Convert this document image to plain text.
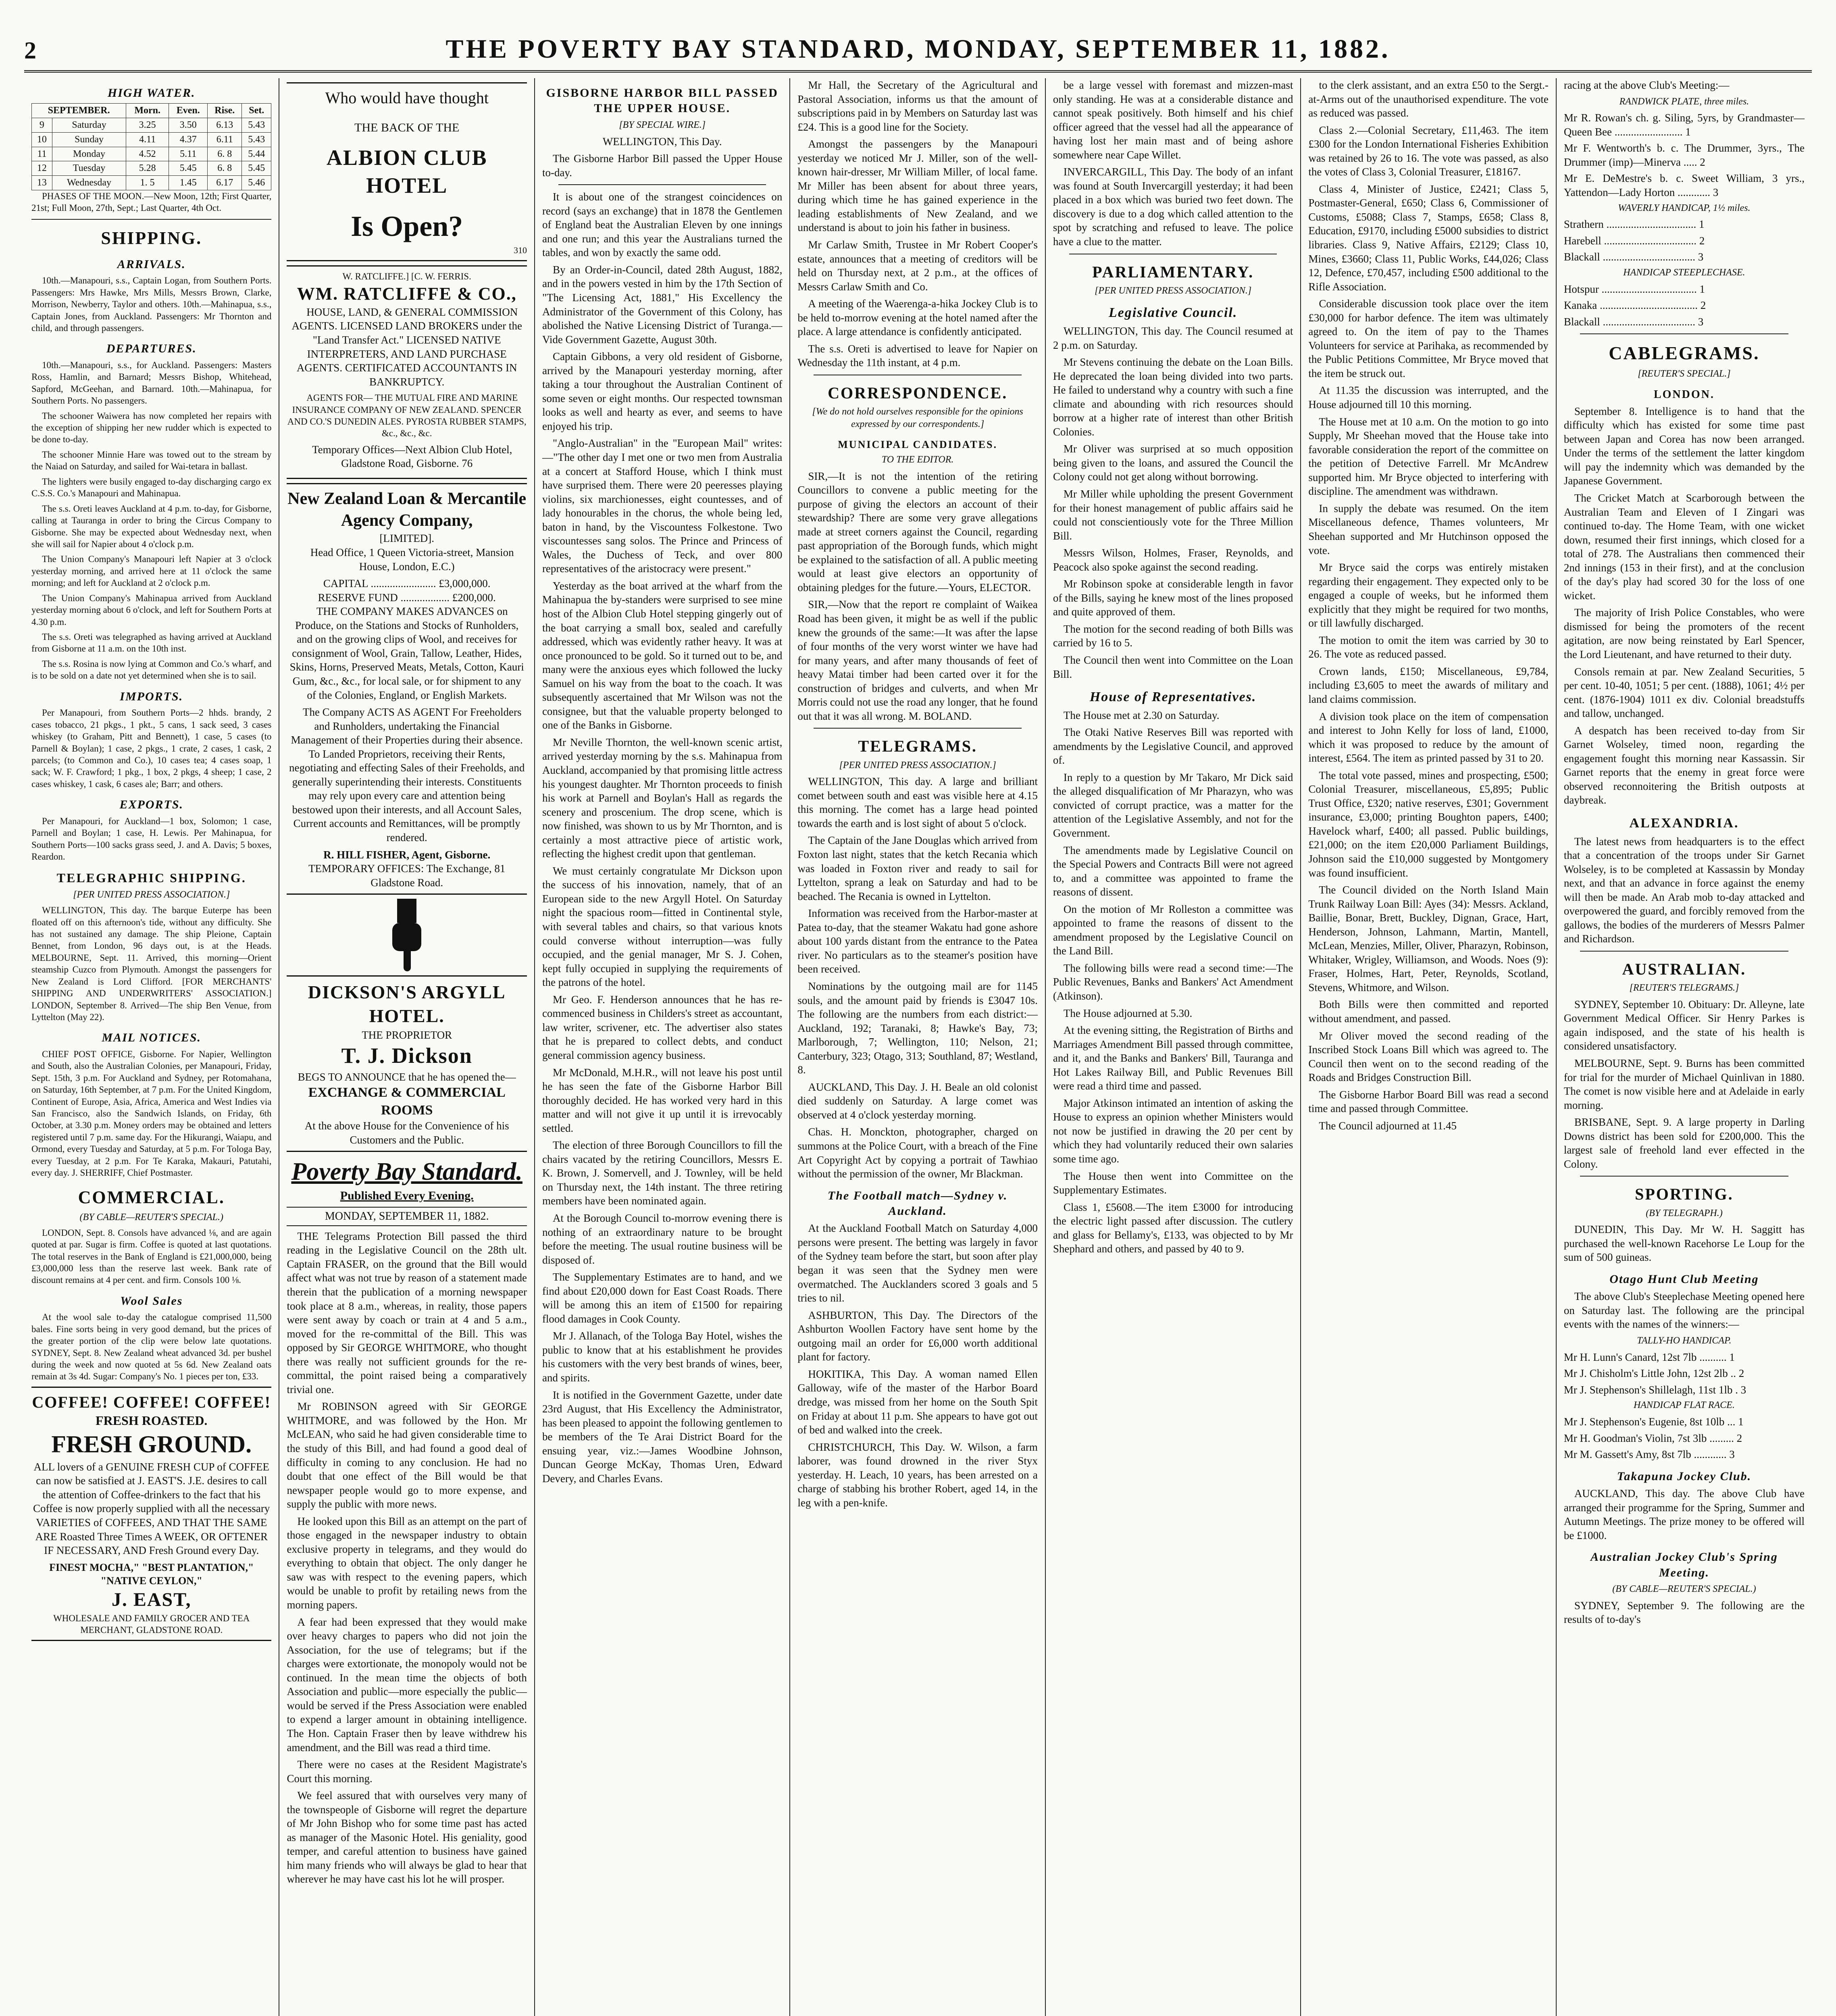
2	THE POVERTY BAY STANDARD, MONDAY, SEPTEMBER 11, 1882.
HIGH WATER.
SEPTEMBER.		Morn.	Even.	Rise.	Set.
9	Saturday	3.25	3.50	6.13	5.43
10	Sunday	4.11	4.37	6.11	5.43
11	Monday	4.52	5.11	6. 8	5.44
12	Tuesday	5.28	5.45	6. 8	5.45
13	Wednesday	1. 5	1.45	6.17	5.46

PHASES OF THE MOON.—New Moon, 12th; First Quarter, 21st; Full Moon, 27th, Sept.; Last Quarter, 4th Oct.

SHIPPING.
ARRIVALS.

10th.—Manapouri, s.s., Captain Logan, from Southern Ports. Passengers: Mrs Hawke, Mrs Mills, Messrs Brown, Clarke, Morrison, Newberry, Taylor and others. 10th.—Mahinapua, s.s., Captain Jones, from Auckland. Passengers: Mr Thornton and child, and through passengers.

DEPARTURES.

10th.—Manapouri, s.s., for Auckland. Passengers: Masters Ross, Hamlin, and Barnard; Messrs Bishop, Whitehead, Sapford, McGeehan, and Barnard. 10th.—Mahinapua, for Southern Ports. No passengers.

The schooner Waiwera has now completed her repairs with the exception of shipping her new rudder which is expected to be done to-day.

The schooner Minnie Hare was towed out to the stream by the Naiad on Saturday, and sailed for Wai-tetara in ballast.

The lighters were busily engaged to-day discharging cargo ex C.S.S. Co.'s Manapouri and Mahinapua.

The s.s. Oreti leaves Auckland at 4 p.m. to-day, for Gisborne, calling at Tauranga in order to bring the Circus Company to Gisborne. She may be expected about Wednesday next, when she will sail for Napier about 4 o'clock p.m.

The Union Company's Manapouri left Napier at 3 o'clock yesterday morning, and arrived here at 11 o'clock the same morning; and left for Auckland at 2 o'clock p.m.

The Union Company's Mahinapua arrived from Auckland yesterday morning about 6 o'clock, and left for Southern Ports at 4.30 p.m.

The s.s. Oreti was telegraphed as having arrived at Auckland from Gisborne at 11 a.m. on the 10th inst.

The s.s. Rosina is now lying at Common and Co.'s wharf, and is to be sold on a date not yet determined when she is to sail.

IMPORTS.

Per Manapouri, from Southern Ports—2 hhds. brandy, 2 cases tobacco, 21 pkgs., 1 pkt., 5 cans, 1 sack seed, 3 cases whiskey (to Graham, Pitt and Bennett), 1 case, 5 cases (to Parnell & Boylan); 1 case, 2 pkgs., 1 crate, 2 cases, 1 cask, 2 parcels; (to Common and Co.), 10 cases tea; 4 cases soap, 1 sack; W. F. Crawford; 1 pkg., 1 box, 2 pkgs, 4 sheep; 1 case, 2 cases whiskey, 1 cask, 6 cases ale; Barr; and others.

EXPORTS.

Per Manapouri, for Auckland—1 box, Solomon; 1 case, Parnell and Boylan; 1 case, H. Lewis. Per Mahinapua, for Southern Ports—100 sacks grass seed, J. and A. Davis; 5 boxes, Reardon.

TELEGRAPHIC SHIPPING.
[PER UNITED PRESS ASSOCIATION.]

WELLINGTON, This day. The barque Euterpe has been floated off on this afternoon's tide, without any difficulty. She has not sustained any damage. The ship Pleione, Captain Bennet, from London, 96 days out, is at the Heads. MELBOURNE, Sept. 11. Arrived, this morning—Orient steamship Cuzco from Plymouth. Amongst the passengers for New Zealand is Lord Clifford. [FOR MERCHANTS' SHIPPING AND UNDERWRITERS' ASSOCIATION.] LONDON, September 8. Arrived—The ship Ben Venue, from Lyttelton (May 22).

MAIL NOTICES.

CHIEF POST OFFICE, Gisborne. For Napier, Wellington and South, also the Australian Colonies, per Manapouri, Friday, Sept. 15th, 3 p.m. For Auckland and Sydney, per Rotomahana, on Saturday, 16th September, at 7 p.m. For the United Kingdom, Continent of Europe, Asia, Africa, America and West Indies via San Francisco, also the Sandwich Islands, on Friday, 6th October, at 3.30 p.m. Money orders may be obtained and letters registered until 7 p.m. same day. For the Hikurangi, Waiapu, and Ormond, every Tuesday and Saturday, at 5 p.m. For Tologa Bay, every Tuesday, at 2 p.m. For Te Karaka, Makauri, Patutahi, every day. J. SHERRIFF, Chief Postmaster.

COMMERCIAL.
(BY CABLE—REUTER'S SPECIAL.)

LONDON, Sept. 8. Consols have advanced ⅛, and are again quoted at par. Sugar is firm. Coffee is quoted at last quotations. The total reserves in the Bank of England is £21,000,000, being £3,000,000 less than the reserve last week. Bank rate of discount remains at 4 per cent. and firm. Consols 100 ⅛.

Wool Sales

At the wool sale to-day the catalogue comprised 11,500 bales. Fine sorts being in very good demand, but the prices of the greater portion of the clip were below late quotations. SYDNEY, Sept. 8. New Zealand wheat advanced 3d. per bushel during the week and now quoted at 5s 6d. New Zealand oats remain at 3s 4d. Sugar: Company's No. 1 pieces per ton, £33.

COFFEE! COFFEE! COFFEE!
FRESH ROASTED.
FRESH GROUND.

ALL lovers of a GENUINE FRESH CUP of COFFEE can now be satisfied at J. EAST'S. J.E. desires to call the attention of Coffee-drinkers to the fact that his Coffee is now properly supplied with all the necessary VARIETIES of COFFEES, AND THAT THE SAME ARE Roasted Three Times A WEEK, OR OFTENER IF NECESSARY, AND Fresh Ground every Day.

FINEST MOCHA," "BEST PLANTATION," "NATIVE CEYLON,"
J. EAST,
WHOLESALE AND FAMILY GROCER AND TEA MERCHANT, GLADSTONE ROAD.
Who would have thought
THE BACK OF THE
ALBION CLUB HOTEL
Is Open?
310
W. RATCLIFFE.] [C. W. FERRIS.
WM. RATCLIFFE & CO.,

HOUSE, LAND, & GENERAL COMMISSION AGENTS. LICENSED LAND BROKERS under the "Land Transfer Act." LICENSED NATIVE INTERPRETERS, AND LAND PURCHASE AGENTS. CERTIFICATED ACCOUNTANTS IN BANKRUPTCY.

AGENTS FOR— THE MUTUAL FIRE AND MARINE INSURANCE COMPANY OF NEW ZEALAND. SPENCER AND CO.'S DUNEDIN ALES. PYROSTA RUBBER STAMPS, &c., &c., &c.

Temporary Offices—Next Albion Club Hotel, Gladstone Road, Gisborne. 76

New Zealand Loan & Mercantile Agency Company,
[LIMITED].

Head Office, 1 Queen Victoria-street, Mansion House, London, E.C.)

CAPITAL ........................ £3,000,000.
RESERVE FUND .................. £200,000.

THE COMPANY MAKES ADVANCES on Produce, on the Stations and Stocks of Runholders, and on the growing clips of Wool, and receives for consignment of Wool, Grain, Tallow, Leather, Hides, Skins, Horns, Preserved Meats, Metals, Cotton, Kauri Gum, &c., &c., for local sale, or for shipment to any of the Colonies, England, or English Markets.

The Company ACTS AS AGENT For Freeholders and Runholders, undertaking the Financial Management of their Properties during their absence. To Landed Proprietors, receiving their Rents, negotiating and effecting Sales of their Freeholds, and generally superintending their interests. Constituents may rely upon every care and attention being bestowed upon their interests, and all Account Sales, Current accounts and Remittances, will be promptly rendered.

R. HILL FISHER, Agent, Gisborne.
TEMPORARY OFFICES: The Exchange, 81 Gladstone Road.
DICKSON'S ARGYLL HOTEL.
THE PROPRIETOR
T. J. Dickson
BEGS TO ANNOUNCE that he has opened the—
EXCHANGE & COMMERCIAL ROOMS
At the above House for the Convenience of his Customers and the Public.
Poverty Bay Standard.
Published Every Evening.
MONDAY, SEPTEMBER 11, 1882.

THE Telegrams Protection Bill passed the third reading in the Legislative Council on the 28th ult. Captain FRASER, on the ground that the Bill would affect what was not true by reason of a statement made therein that the publication of a morning newspaper took place at 8 a.m., whereas, in reality, those papers were sent away by coach or train at 4 and 5 a.m., moved for the re-committal of the Bill. This was opposed by Sir GEORGE WHITMORE, who thought there was really not sufficient grounds for the re-committal, the point raised being a comparatively trivial one.

Mr ROBINSON agreed with Sir GEORGE WHITMORE, and was followed by the Hon. Mr McLEAN, who said he had given considerable time to the study of this Bill, and had found a good deal of difficulty in coming to any conclusion. He had no doubt that one effect of the Bill would be that newspaper people would go to more expense, and supply the public with more news.

He looked upon this Bill as an attempt on the part of those engaged in the newspaper industry to obtain exclusive property in telegrams, and they would do everything to obtain that object. The only danger he saw was with respect to the evening papers, which would be unable to profit by retailing news from the morning papers.

A fear had been expressed that they would make over heavy charges to papers who did not join the Association, for the use of telegrams; but if the charges were extortionate, the monopoly would not be continued. In the mean time the objects of both Association and public—more especially the public—would be served if the Press Association were enabled to expend a larger amount in obtaining intelligence. The Hon. Captain Fraser then by leave withdrew his amendment, and the Bill was read a third time.

There were no cases at the Resident Magistrate's Court this morning.

We feel assured that with ourselves very many of the townspeople of Gisborne will regret the departure of Mr John Bishop who for some time past has acted as manager of the Masonic Hotel. His geniality, good temper, and careful attention to business have gained him many friends who will always be glad to hear that wherever he may have cast his lot he will prosper.

GISBORNE HARBOR BILL PASSED THE UPPER HOUSE.
[BY SPECIAL WIRE.]

WELLINGTON, This Day.

The Gisborne Harbor Bill passed the Upper House to-day.

It is about one of the strangest coincidences on record (says an exchange) that in 1878 the Gentlemen of England beat the Australian Eleven by one innings and one run; and this year the Australians turned the tables, and won by exactly the same odd.

By an Order-in-Council, dated 28th August, 1882, and in the powers vested in him by the 17th Section of "The Licensing Act, 1881," His Excellency the Administrator of the Government of this Colony, has abolished the Native Licensing District of Turanga.—Vide Government Gazette, August 30th.

Captain Gibbons, a very old resident of Gisborne, arrived by the Manapouri yesterday morning, after taking a tour throughout the Australian Continent of some seven or eight months. Our respected townsman looks as well and hearty as ever, and seems to have enjoyed his trip.

"Anglo-Australian" in the "European Mail" writes:—"The other day I met one or two men from Australia at a concert at Stafford House, which I think must have surprised them. There were 20 peeresses playing violins, six marchionesses, eight countesses, and of lady honourables in the chorus, the whole being led, baton in hand, by the Viscountess Folkestone. Two viscountesses sang solos. The Prince and Princess of Wales, the Duchess of Teck, and over 800 representatives of the aristocracy were present."

Yesterday as the boat arrived at the wharf from the Mahinapua the by-standers were surprised to see mine host of the Albion Club Hotel stepping gingerly out of the boat carrying a small box, sealed and carefully addressed, which was evidently rather heavy. It was at once pronounced to be gold. So it turned out to be, and many were the anxious eyes which followed the lucky Samuel on his way from the boat to the coach. It was subsequently ascertained that Mr Wilson was not the consignee, but that the valuable property belonged to one of the Banks in Gisborne.

Mr Neville Thornton, the well-known scenic artist, arrived yesterday morning by the s.s. Mahinapua from Auckland, accompanied by that promising little actress his youngest daughter. Mr Thornton proceeds to finish his work at Parnell and Boylan's Hall as regards the scenery and proscenium. The drop scene, which is now finished, was shown to us by Mr Thornton, and is certainly a most attractive piece of artistic work, reflecting the highest credit upon that gentleman.

We must certainly congratulate Mr Dickson upon the success of his innovation, namely, that of an European side to the new Argyll Hotel. On Saturday night the spacious room—fitted in Continental style, with several tables and chairs, so that various knots could converse without interruption—was fully occupied, and the genial manager, Mr S. J. Cohen, kept fully occupied in supplying the requirements of the patrons of the hotel.

Mr Geo. F. Henderson announces that he has re-commenced business in Childers's street as accountant, law writer, scrivener, etc. The advertiser also states that he is prepared to collect debts, and conduct general commission agency business.

Mr McDonald, M.H.R., will not leave his post until he has seen the fate of the Gisborne Harbor Bill thoroughly decided. He has worked very hard in this matter and will not give it up until it is irrevocably settled.

The election of three Borough Councillors to fill the chairs vacated by the retiring Councillors, Messrs E. K. Brown, J. Somervell, and J. Townley, will be held on Thursday next, the 14th instant. The three retiring members have been nominated again.

At the Borough Council to-morrow evening there is nothing of an extraordinary nature to be brought before the meeting. The usual routine business will be disposed of.

The Supplementary Estimates are to hand, and we find about £20,000 down for East Coast Roads. There will be among this an item of £1500 for repairing flood damages in Cook County.

Mr J. Allanach, of the Tologa Bay Hotel, wishes the public to know that at his establishment he provides his customers with the very best brands of wines, beer, and spirits.

It is notified in the Government Gazette, under date 23rd August, that His Excellency the Administrator, has been pleased to appoint the following gentlemen to be members of the Te Arai District Board for the ensuing year, viz.:—James Woodbine Johnson, Duncan George McKay, Thomas Uren, Edward Devery, and Charles Evans.

Mr Hall, the Secretary of the Agricultural and Pastoral Association, informs us that the amount of subscriptions paid in by Members on Saturday last was £24. This is a good line for the Society.

Amongst the passengers by the Manapouri yesterday we noticed Mr J. Miller, son of the well-known hair-dresser, Mr William Miller, of local fame. Mr Miller has been absent for about three years, during which time he has gained experience in the leading establishments of New Zealand, and we understand is about to join his father in business.

Mr Carlaw Smith, Trustee in Mr Robert Cooper's estate, announces that a meeting of creditors will be held on Thursday next, at 2 p.m., at the offices of Messrs Carlaw Smith and Co.

A meeting of the Waerenga-a-hika Jockey Club is to be held to-morrow evening at the hotel named after the place. A large attendance is confidently anticipated.

The s.s. Oreti is advertised to leave for Napier on Wednesday the 11th instant, at 4 p.m.

CORRESPONDENCE.
[We do not hold ourselves responsible for the opinions expressed by our correspondents.]
MUNICIPAL CANDIDATES.
TO THE EDITOR.

SIR,—It is not the intention of the retiring Councillors to convene a public meeting for the purpose of giving the electors an account of their stewardship? There are some very grave allegations made at street corners against the Council, regarding past appropriation of the Borough funds, which might be explained to the satisfaction of all. A public meeting would at least give electors an opportunity of obtaining pledges for the future.—Yours, ELECTOR.

SIR,—Now that the report re complaint of Waikea Road has been given, it might be as well if the public knew the grounds of the same:—It was after the lapse of four months of the very worst winter we have had for many years, and after many thousands of feet of heavy Matai timber had been carted over it for the construction of bridges and culverts, and when Mr Morris could not use the road any longer, that he found out that it was all wrong. M. BOLAND.

TELEGRAMS.
[PER UNITED PRESS ASSOCIATION.]

WELLINGTON, This day. A large and brilliant comet between south and east was visible here at 4.15 this morning. The comet has a large head pointed towards the earth and is lost sight of about 5 o'clock.

The Captain of the Jane Douglas which arrived from Foxton last night, states that the ketch Recania which was loaded in Foxton river and ready to sail for Lyttelton, sprang a leak on Saturday and had to be beached. The Recania is owned in Lyttelton.

Information was received from the Harbor-master at Patea to-day, that the steamer Wakatu had gone ashore about 100 yards distant from the entrance to the Patea river. No particulars as to the steamer's position have been received.

Nominations by the outgoing mail are for 1145 souls, and the amount paid by friends is £3047 10s. The following are the numbers from each district:—Auckland, 192; Taranaki, 8; Hawke's Bay, 73; Marlborough, 7; Wellington, 110; Nelson, 21; Canterbury, 323; Otago, 313; Southland, 87; Westland, 8.

AUCKLAND, This Day. J. H. Beale an old colonist died suddenly on Saturday. A large comet was observed at 4 o'clock yesterday morning.

Chas. H. Monckton, photographer, charged on summons at the Police Court, with a breach of the Fine Art Copyright Act by copying a portrait of Tawhiao without the permission of the owner, Mr Blackman.

The Football match—Sydney v. Auckland.

At the Auckland Football Match on Saturday 4,000 persons were present. The betting was largely in favor of the Sydney team before the start, but soon after play began it was seen that the Sydney men were overmatched. The Aucklanders scored 3 goals and 5 tries to nil.

ASHBURTON, This Day. The Directors of the Ashburton Woollen Factory have sent home by the outgoing mail an order for £6,000 worth additional plant for factory.

HOKITIKA, This Day. A woman named Ellen Galloway, wife of the master of the Harbor Board dredge, was missed from her home on the South Spit on Friday at about 11 p.m. She appears to have got out of bed and walked into the creek.

CHRISTCHURCH, This Day. W. Wilson, a farm laborer, was found drowned in the river Styx yesterday. H. Leach, 10 years, has been arrested on a charge of stabbing his brother Robert, aged 14, in the leg with a pen-knife.

be a large vessel with foremast and mizzen-mast only standing. He was at a considerable distance and cannot speak positively. Both himself and his chief officer agreed that the vessel had all the appearance of having lost her main mast and of being ashore somewhere near Cape Willet.

INVERCARGILL, This Day. The body of an infant was found at South Invercargill yesterday; it had been placed in a box which was buried two feet down. The discovery is due to a dog which called attention to the spot by scratching and refused to leave. The police have a clue to the matter.

PARLIAMENTARY.
[PER UNITED PRESS ASSOCIATION.]
Legislative Council.

WELLINGTON, This day. The Council resumed at 2 p.m. on Saturday.

Mr Stevens continuing the debate on the Loan Bills. He deprecated the loan being divided into two parts. He failed to understand why a country with such a fine climate and abounding with rich resources should borrow at a higher rate of interest than other British Colonies.

Mr Oliver was surprised at so much opposition being given to the loans, and assured the Council the Colony could not get along without borrowing.

Mr Miller while upholding the present Government for their honest management of public affairs said he could not conscientiously vote for the Three Million Bill.

Messrs Wilson, Holmes, Fraser, Reynolds, and Peacock also spoke against the second reading.

Mr Robinson spoke at considerable length in favor of the Bills, saying he knew most of the lines proposed and quite approved of them.

The motion for the second reading of both Bills was carried by 16 to 5.

The Council then went into Committee on the Loan Bill.

House of Representatives.

The House met at 2.30 on Saturday.

The Otaki Native Reserves Bill was reported with amendments by the Legislative Council, and approved of.

In reply to a question by Mr Takaro, Mr Dick said the alleged disqualification of Mr Pharazyn, who was convicted of corrupt practice, was a matter for the attention of the Legislative Assembly, and not for the Government.

The amendments made by Legislative Council on the Special Powers and Contracts Bill were not agreed to, and a committee was appointed to frame the reasons of dissent.

On the motion of Mr Rolleston a committee was appointed to frame the reasons of dissent to the amendment proposed by the Legislative Council on the Land Bill.

The following bills were read a second time:—The Public Revenues, Banks and Bankers' Act Amendment (Atkinson).

The House adjourned at 5.30.

At the evening sitting, the Registration of Births and Marriages Amendment Bill passed through committee, and it, and the Banks and Bankers' Bill, Tauranga and Hot Lakes Railway Bill, and Public Revenues Bill were read a third time and passed.

Major Atkinson intimated an intention of asking the House to express an opinion whether Ministers would not now be justified in drawing the 20 per cent by which they had voluntarily reduced their own salaries some time ago.

The House then went into Committee on the Supplementary Estimates.

Class 1, £5608.—The item £3000 for introducing the electric light passed after discussion. The cutlery and glass for Bellamy's, £133, was objected to by Mr Shephard and others, and passed by 40 to 9.

to the clerk assistant, and an extra £50 to the Sergt.-at-Arms out of the unauthorised expenditure. The vote as reduced was passed.

Class 2.—Colonial Secretary, £11,463. The item £300 for the London International Fisheries Exhibition was retained by 26 to 16. The vote was passed, as also the votes of Class 3, Colonial Treasurer, £18167.

Class 4, Minister of Justice, £2421; Class 5, Postmaster-General, £650; Class 6, Commissioner of Customs, £5088; Class 7, Stamps, £658; Class 8, Education, £9170, including £5000 subsidies to district libraries. Class 9, Native Affairs, £2129; Class 10, Mines, £3660; Class 11, Public Works, £44,026; Class 12, Defence, £70,457, including £500 additional to the Rifle Association.

Considerable discussion took place over the item £30,000 for harbor defence. The item was ultimately agreed to. On the item of pay to the Thames Volunteers for service at Parihaka, as recommended by the Public Petitions Committee, Mr Bryce moved that the item be struck out.

At 11.35 the discussion was interrupted, and the House adjourned till 10 this morning.

The House met at 10 a.m. On the motion to go into Supply, Mr Sheehan moved that the House take into favorable consideration the report of the committee on the petition of Detective Farrell. Mr McAndrew supported him. Mr Bryce objected to interfering with discipline. The amendment was withdrawn.

In supply the debate was resumed. On the item Miscellaneous defence, Thames volunteers, Mr Sheehan supported and Mr Hutchinson opposed the vote.

Mr Bryce said the corps was entirely mistaken regarding their engagement. They expected only to be engaged a couple of weeks, but he informed them explicitly that they might be required for two months, or till lawfully discharged.

The motion to omit the item was carried by 30 to 26. The vote as reduced passed.

Crown lands, £150; Miscellaneous, £9,784, including £3,605 to meet the awards of military and land claims commission.

A division took place on the item of compensation and interest to John Kelly for loss of land, £1000, which it was proposed to reduce by the amount of interest, £564. The item as printed passed by 31 to 20.

The total vote passed, mines and prospecting, £500; Colonial Treasurer, miscellaneous, £5,895; Public Trust Office, £320; native reserves, £301; Government insurance, £3,000; printing Boughton papers, £400; Havelock wharf, £400; all passed. Public buildings, £21,000; on the item £20,000 Parliament Buildings, Johnson said the £10,000 suggested by Montgomery was found insufficient.

The Council divided on the North Island Main Trunk Railway Loan Bill: Ayes (34): Messrs. Ackland, Baillie, Bonar, Brett, Buckley, Dignan, Grace, Hart, Henderson, Johnson, Lahmann, Martin, Mantell, McLean, Menzies, Miller, Oliver, Pharazyn, Robinson, Whitaker, Wrigley, Williamson, and Woods. Noes (9): Fraser, Holmes, Hart, Peter, Reynolds, Scotland, Stevens, Whitmore, and Wilson.

Both Bills were then committed and reported without amendment, and passed.

Mr Oliver moved the second reading of the Inscribed Stock Loans Bill which was agreed to. The Council then went on to the second reading of the Roads and Bridges Construction Bill.

The Gisborne Harbor Board Bill was read a second time and passed through Committee.

The Council adjourned at 11.45

racing at the above Club's Meeting:—

RANDWICK PLATE, three miles.
Mr R. Rowan's ch. g. Siling, 5yrs, by Grandmaster—Queen Bee ......................... 1
Mr F. Wentworth's b. c. The Drummer, 3yrs., The Drummer (imp)—Minerva ..... 2
Mr E. DeMestre's b. c. Sweet William, 3 yrs., Yattendon—Lady Horton ............ 3
WAVERLY HANDICAP, 1½ miles.
Strathern ................................. 1
Harebell .................................. 2
Blackall .................................. 3
HANDICAP STEEPLECHASE.
Hotspur ................................... 1
Kanaka .................................... 2
Blackall .................................. 3
CABLEGRAMS.
[REUTER'S SPECIAL.]
LONDON.

September 8. Intelligence is to hand that the difficulty which has existed for some time past between Japan and Corea has now been arranged. Under the terms of the settlement the latter kingdom will pay the indemnity which was demanded by the Japanese Government.

The Cricket Match at Scarborough between the Australian Team and Eleven of I Zingari was continued to-day. The Home Team, with one wicket down, resumed their first innings, which closed for a total of 278. The Australians then commenced their 2nd innings (153 in their first), and at the conclusion of the day's play had scored 30 for the loss of one wicket.

The majority of Irish Police Constables, who were dismissed for being the promoters of the recent agitation, are now being reinstated by Earl Spencer, the Lord Lieutenant, and have returned to their duty.

Consols remain at par. New Zealand Securities, 5 per cent. 10-40, 1051; 5 per cent. (1888), 1061; 4½ per cent. (1876-1904) 1011 ex div. Colonial breadstuffs and tallow, unchanged.

A despatch has been received to-day from Sir Garnet Wolseley, timed noon, regarding the engagement fought this morning near Kassassin. Sir Garnet reports that the enemy in great force were observed reconnoitering the British outposts at daybreak.

ALEXANDRIA.

The latest news from headquarters is to the effect that a concentration of the troops under Sir Garnet Wolseley, is to be completed at Kassassin by Monday next, and that an advance in force against the enemy will then be made. An Arab mob to-day attacked and overpowered the guard, and forcibly removed from the gallows, the bodies of the murderers of Messrs Palmer and Richardson.

AUSTRALIAN.
[REUTER'S TELEGRAMS.]

SYDNEY, September 10. Obituary: Dr. Alleyne, late Government Medical Officer. Sir Henry Parkes is again indisposed, and the state of his health is considered unsatisfactory.

MELBOURNE, Sept. 9. Burns has been committed for trial for the murder of Michael Quinlivan in 1880. The comet is now visible here and at Adelaide in early morning.

BRISBANE, Sept. 9. A large property in Darling Downs district has been sold for £200,000. This the largest sale of freehold land ever effected in the Colony.

SPORTING.
(BY TELEGRAPH.)

DUNEDIN, This Day. Mr W. H. Saggitt has purchased the well-known Racehorse Le Loup for the sum of 500 guineas.

Otago Hunt Club Meeting

The above Club's Steeplechase Meeting opened here on Saturday last. The following are the principal events with the names of the winners:—

TALLY-HO HANDICAP.
Mr H. Lunn's Canard, 12st 7lb .......... 1
Mr J. Chisholm's Little John, 12st 2lb .. 2
Mr J. Stephenson's Shillelagh, 11st 1lb . 3
HANDICAP FLAT RACE.
Mr J. Stephenson's Eugenie, 8st 10lb ... 1
Mr H. Goodman's Violin, 7st 3lb ......... 2
Mr M. Gassett's Amy, 8st 7lb ............ 3
Takapuna Jockey Club.

AUCKLAND, This day. The above Club have arranged their programme for the Spring, Summer and Autumn Meetings. The prize money to be offered will be £1000.

Australian Jockey Club's Spring Meeting.
(BY CABLE—REUTER'S SPECIAL.)

SYDNEY, September 9. The following are the results of to-day's
